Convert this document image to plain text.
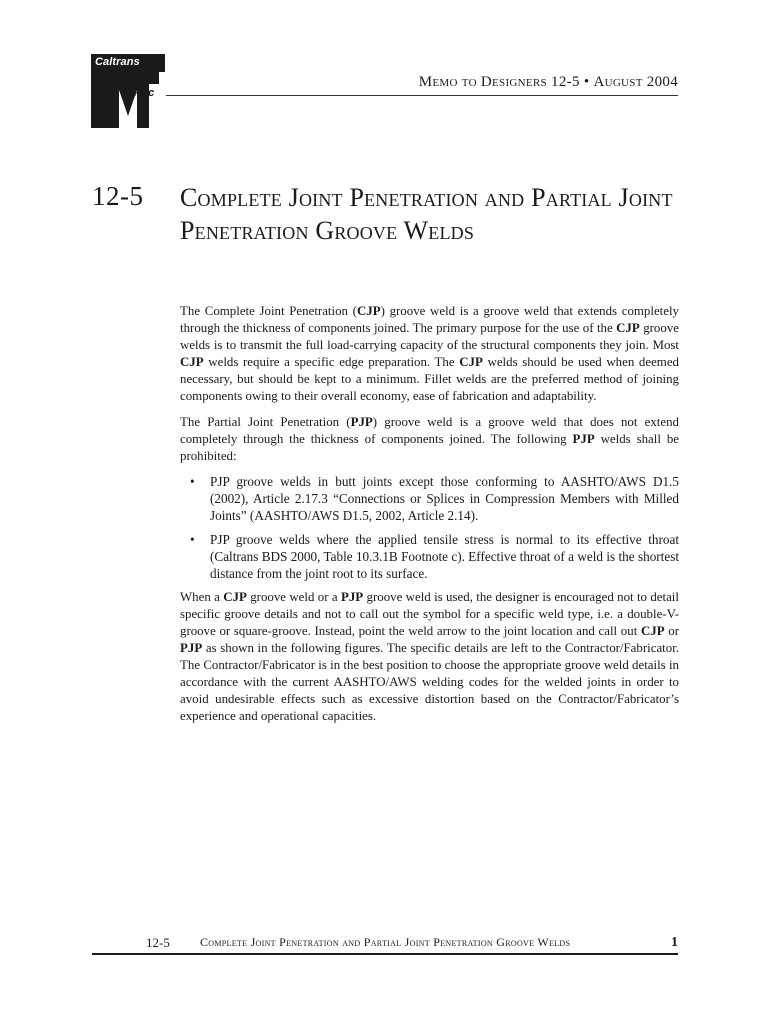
Caltrans
etric
Memo to Designers 12-5 • August 2004
12-5 Complete Joint Penetration and Partial Joint Penetration Groove Welds

The Complete Joint Penetration (CJP) groove weld is a groove weld that extends completely through the thickness of components joined. The primary purpose for the use of the CJP groove welds is to transmit the full load-carrying capacity of the structural components they join. Most CJP welds require a specific edge preparation. The CJP welds should be used when deemed necessary, but should be kept to a minimum. Fillet welds are the preferred method of joining components owing to their overall economy, ease of fabrication and adaptability.

The Partial Joint Penetration (PJP) groove weld is a groove weld that does not extend completely through the thickness of components joined. The following PJP welds shall be prohibited:

• PJP groove welds in butt joints except those conforming to AASHTO/AWS D1.5 (2002), Article 2.17.3 “Connections or Splices in Compression Members with Milled Joints” (AASHTO/AWS D1.5, 2002, Article 2.14).
• PJP groove welds where the applied tensile stress is normal to its effective throat (Caltrans BDS 2000, Table 10.3.1B Footnote c). Effective throat of a weld is the shortest distance from the joint root to its surface.

When a CJP groove weld or a PJP groove weld is used, the designer is encouraged not to detail specific groove details and not to call out the symbol for a specific weld type, i.e. a double-V-groove or square-groove. Instead, point the weld arrow to the joint location and call out CJP or PJP as shown in the following figures. The specific details are left to the Contractor/Fabricator. The Contractor/Fabricator is in the best position to choose the appropriate groove weld details in accordance with the current AASHTO/AWS welding codes for the welded joints in order to avoid undesirable effects such as excessive distortion based on the Contractor/Fabricator’s experience and operational capacities.

12-5	Complete Joint Penetration and Partial Joint Penetration Groove Welds	1
